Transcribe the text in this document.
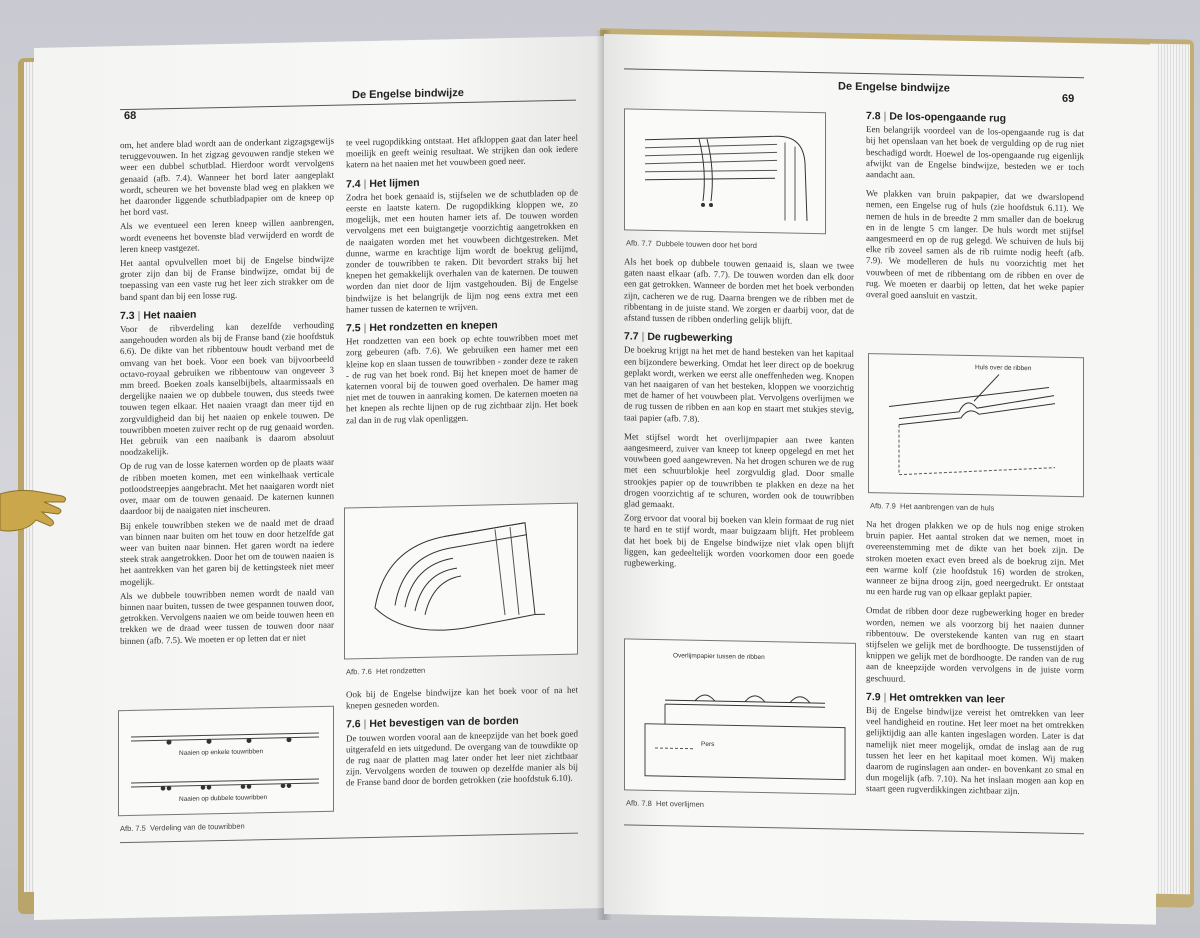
De Engelse bindwijze
68

om, het andere blad wordt aan de onderkant zigzagsgewijs teruggevouwen. In het zigzag gevouwen randje steken we weer een dubbel schutblad. Hierdoor wordt vervolgens genaaid (afb. 7.4). Wanneer het bord later aangeplakt wordt, scheuren we het bovenste blad weg en plakken we het daaronder liggende schutbladpapier om de kneep op het bord vast.

Als we eventueel een leren kneep willen aanbrengen, wordt eveneens het bovenste blad verwijderd en wordt de leren kneep vastgezet.

Het aantal opvulvellen moet bij de Engelse bindwijze groter zijn dan bij de Franse bindwijze, omdat bij de toepassing van een vaste rug het leer zich strakker om de band spant dan bij een losse rug.

7.3 | Het naaien

Voor de ribverdeling kan dezelfde verhouding aangehouden worden als bij de Franse band (zie hoofdstuk 6.6). De dikte van het ribbentouw houdt verband met de omvang van het boek. Voor een boek van bijvoorbeeld octavo-royaal gebruiken we ribbentouw van ongeveer 3 mm breed. Boeken zoals kanselbijbels, altaarmissaals en dergelijke naaien we op dubbele touwen, dus steeds twee touwen tegen elkaar. Het naaien vraagt dan meer tijd en zorgvuldigheid dan bij het naaien op enkele touwen. De touwribben moeten zuiver recht op de rug genaaid worden. Het gebruik van een naaibank is daarom absoluut noodzakelijk.

Op de rug van de losse katernen worden op de plaats waar de ribben moeten komen, met een winkelhaak verticale potloodstreepjes aangebracht. Met het naaigaren wordt niet over, maar om de touwen genaaid. De katernen kunnen daardoor bij de naaigaten niet inscheuren.

Bij enkele touwribben steken we de naald met de draad van binnen naar buiten om het touw en door hetzelfde gat weer van buiten naar binnen. Het garen wordt na iedere steek strak aangetrokken. Door het om de touwen naaien is het aantrekken van het garen bij de kettingsteek niet meer mogelijk.

Als we dubbele touwribben nemen wordt de naald van binnen naar buiten, tussen de twee gespannen touwen door, getrokken. Vervolgens naaien we om beide touwen heen en trekken we de draad weer tussen de touwen door naar binnen (afb. 7.5). We moeten er op letten dat er niet

Naaien op enkele touwribben
Naaien op dubbele touwribben
Afb. 7.5 Verdeling van de touwribben

te veel rugopdikking ontstaat. Het afkloppen gaat dan later heel moeilijk en geeft weinig resultaat. We strijken dan ook iedere katern na het naaien met het vouwbeen goed neer.

7.4 | Het lijmen

Zodra het boek genaaid is, stijfselen we de schutbladen op de eerste en laatste katern. De rugopdikking kloppen we, zo mogelijk, met een houten hamer iets af. De touwen worden vervolgens met een buigtangetje voorzichtig aangetrokken en de naaigaten worden met het vouwbeen dichtgestreken. Met dunne, warme en krachtige lijm wordt de boekrug gelijmd, zonder de touwribben te raken. Dit bevordert straks bij het knepen het gemakkelijk overhalen van de katernen. De touwen worden dan niet door de lijm vastgehouden. Bij de Engelse bindwijze is het belangrijk de lijm nog eens extra met een hamer tussen de katernen te wrijven.

7.5 | Het rondzetten en knepen

Het rondzetten van een boek op echte touwribben moet met zorg gebeuren (afb. 7.6). We gebruiken een hamer met een kleine kop en slaan tussen de touwribben - zonder deze te raken - de rug van het boek rond. Bij het knepen moet de hamer de katernen vooral bij de touwen goed overhalen. De hamer mag niet met de touwen in aanraking komen. De katernen moeten na het knepen als rechte lijnen op de rug zichtbaar zijn. Het boek zal dan in de rug vlak openliggen.

Afb. 7.6 Het rondzetten

Ook bij de Engelse bindwijze kan het boek voor of na het knepen gesneden worden.

7.6 | Het bevestigen van de borden

De touwen worden vooral aan de kneepzijde van het boek goed uitgerafeld en iets uitgedund. De overgang van de touwdikte op de rug naar de platten mag later onder het leer niet zichtbaar zijn. Vervolgens worden de touwen op dezelfde manier als bij de Franse band door de borden getrokken (zie hoofdstuk 6.10).

De Engelse bindwijze
69
Afb. 7.7 Dubbele touwen door het bord

Als het boek op dubbele touwen genaaid is, slaan we twee gaten naast elkaar (afb. 7.7). De touwen worden dan elk door een gat getrokken. Wanneer de borden met het boek verbonden zijn, cacheren we de rug. Daarna brengen we de ribben met de ribbentang in de juiste stand. We zorgen er daarbij voor, dat de afstand tussen de ribben onderling gelijk blijft.

7.7 | De rugbewerking

De boekrug krijgt na het met de hand besteken van het kapitaal een bijzondere bewerking. Omdat het leer direct op de boekrug geplakt wordt, werken we eerst alle oneffenheden weg. Knopen van het naaigaren of van het besteken, kloppen we voorzichtig met de hamer of het vouwbeen plat. Vervolgens overlijmen we de rug tussen de ribben en aan kop en staart met stukjes stevig, taai papier (afb. 7.8).

Met stijfsel wordt het overlijmpapier aan twee kanten aangesmeerd, zuiver van kneep tot kneep opgelegd en met het vouwbeen goed aangewreven. Na het drogen schuren we de rug met een schuurblokje heel zorgvuldig glad. Door smalle strookjes papier op de touwribben te plakken en deze na het drogen voorzichtig af te schuren, worden ook de touwribben glad gemaakt.

Zorg ervoor dat vooral bij boeken van klein formaat de rug niet te hard en te stijf wordt, maar buigzaam blijft. Het probleem dat het boek bij de Engelse bindwijze niet vlak open blijft liggen, kan gedeeltelijk worden voorkomen door een goede rugbewerking.

Overlijmpapier tussen de ribben
Pers
Afb. 7.8 Het overlijmen
7.8 | De los-opengaande rug

Een belangrijk voordeel van de los-opengaande rug is dat bij het openslaan van het boek de vergulding op de rug niet beschadigd wordt. Hoewel de los-opengaande rug eigenlijk afwijkt van de Engelse bindwijze, besteden we er toch aandacht aan.

We plakken van bruin pakpapier, dat we dwarslopend nemen, een Engelse rug of huls (zie hoofdstuk 6.11). We nemen de huls in de breedte 2 mm smaller dan de boekrug en in de lengte 5 cm langer. De huls wordt met stijfsel aangesmeerd en op de rug gelegd. We schuiven de huls bij elke rib zoveel samen als de rib ruimte nodig heeft (afb. 7.9). We modelleren de huls nu voorzichtig met het vouwbeen of met de ribbentang om de ribben en over de rug. We moeten er daarbij op letten, dat het weke papier overal goed aansluit en vastzit.

Huls over de ribben
Afb. 7.9 Het aanbrengen van de huls

Na het drogen plakken we op de huls nog enige stroken bruin papier. Het aantal stroken dat we nemen, moet in overeenstemming met de dikte van het boek zijn. De stroken moeten exact even breed als de boekrug zijn. Met een warme kolf (zie hoofdstuk 16) worden de stroken, wanneer ze bijna droog zijn, goed neergedrukt. Er ontstaat nu een harde rug van op elkaar geplakt papier.

Omdat de ribben door deze rugbewerking hoger en breder worden, nemen we als voorzorg bij het naaien dunner ribbentouw. De overstekende kanten van rug en staart stijfselen we gelijk met de bordhoogte. De tussenstijden of knippen we gelijk met de bordhoogte. De randen van de rug aan de kneepzijde worden vervolgens in de juiste vorm geschuurd.

7.9 | Het omtrekken van leer

Bij de Engelse bindwijze vereist het omtrekken van leer veel handigheid en routine. Het leer moet na het omtrekken gelijktijdig aan alle kanten ingeslagen worden. Later is dat namelijk niet meer mogelijk, omdat de inslag aan de rug tussen het leer en het kapitaal moet komen. Wij maken daarom de ruginslagen aan onder- en bovenkant zo smal en dun mogelijk (afb. 7.10). Na het inslaan mogen aan kop en staart geen rugverdikkingen zichtbaar zijn.
